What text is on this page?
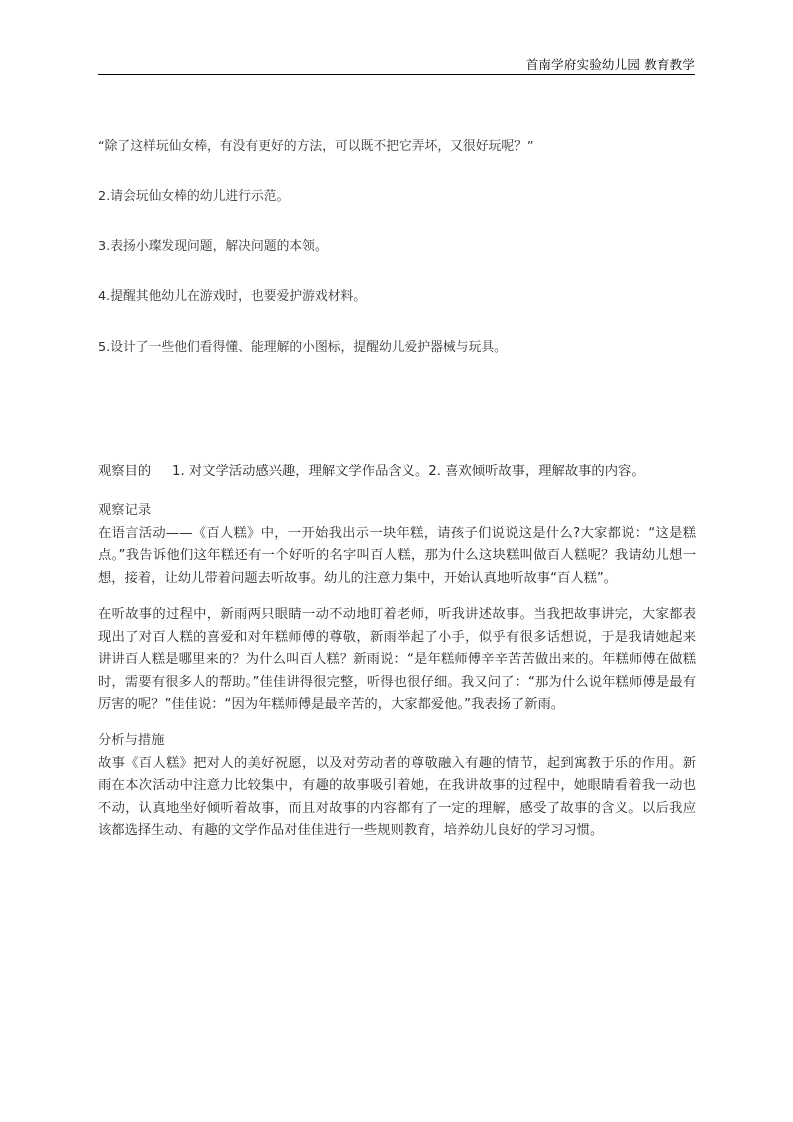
首南学府实验幼儿园 教育教学
“除了这样玩仙女棒，有没有更好的方法，可以既不把它弄坏，又很好玩呢？”
2.请会玩仙女棒的幼儿进行示范。
3.表扬小璨发现问题，解决问题的本领。
4.提醒其他幼儿在游戏时，也要爱护游戏材料。
5.设计了一些他们看得懂、能理解的小图标，提醒幼儿爱护器械与玩具。
观察目的 1. 对文学活动感兴趣，理解文学作品含义。2. 喜欢倾听故事，理解故事的内容。
观察记录
在语言活动——《百人糕》中，一开始我出示一块年糕，请孩子们说说这是什么?大家都说：“这是糕点。”我告诉他们这年糕还有一个好听的名字叫百人糕，那为什么这块糕叫做百人糕呢？我请幼儿想一想，接着，让幼儿带着问题去听故事。幼儿的注意力集中，开始认真地听故事“百人糕”。
在听故事的过程中，新雨两只眼睛一动不动地盯着老师，听我讲述故事。当我把故事讲完，大家都表现出了对百人糕的喜爱和对年糕师傅的尊敬，新雨举起了小手，似乎有很多话想说，于是我请她起来讲讲百人糕是哪里来的？为什么叫百人糕？新雨说：“是年糕师傅辛辛苦苦做出来的。年糕师傅在做糕时，需要有很多人的帮助。”佳佳讲得很完整，听得也很仔细。我又问了：“那为什么说年糕师傅是最有厉害的呢？”佳佳说：“因为年糕师傅是最辛苦的，大家都爱他。”我表扬了新雨。
分析与措施
故事《百人糕》把对人的美好祝愿，以及对劳动者的尊敬融入有趣的情节，起到寓教于乐的作用。新雨在本次活动中注意力比较集中，有趣的故事吸引着她，在我讲故事的过程中，她眼睛看着我一动也不动，认真地坐好倾听着故事，而且对故事的内容都有了一定的理解，感受了故事的含义。以后我应该都选择生动、有趣的文学作品对佳佳进行一些规则教育，培养幼儿良好的学习习惯。
